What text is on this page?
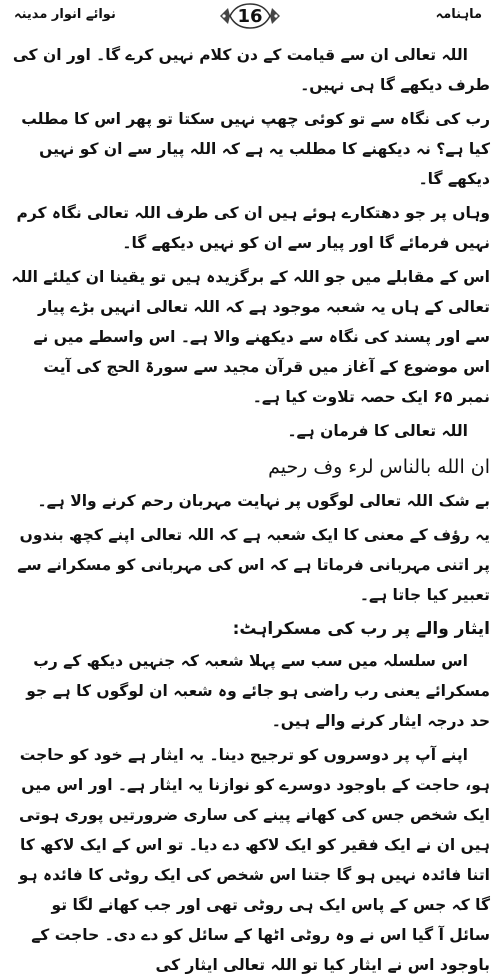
نوائے انوار مدینہ	16	ماہنامہ

اللہ تعالی ان سے قیامت کے دن کلام نہیں کرے گا۔ اور ان کی طرف دیکھے گا ہی نہیں۔

رب کی نگاہ سے تو کوئی چھپ نہیں سکتا تو پھر اس کا مطلب کیا ہے؟ نہ دیکھنے کا مطلب یہ ہے کہ اللہ پیار سے ان کو نہیں دیکھے گا۔

وہاں پر جو دھتکارے ہوئے ہیں ان کی طرف اللہ تعالی نگاہ کرم نہیں فرمائے گا اور پیار سے ان کو نہیں دیکھے گا۔

اس کے مقابلے میں جو اللہ کے برگزیدہ ہیں تو یقینا ان کیلئے اللہ تعالی کے ہاں یہ شعبہ موجود ہے کہ اللہ تعالی انہیں بڑے پیار سے اور پسند کی نگاہ سے دیکھنے والا ہے۔ اس واسطے میں نے اس موضوع کے آغاز میں قرآن مجید سے سورۃ الحج کی آیت نمبر ۶۵ ایک حصہ تلاوت کیا ہے۔

اللہ تعالی کا فرمان ہے۔

ان الله بالناس لرء وف رحيم

بے شک اللہ تعالی لوگوں پر نہایت مہربان رحم کرنے والا ہے۔

یہ رؤف کے معنی کا ایک شعبہ ہے کہ اللہ تعالی اپنے کچھ بندوں پر اتنی مہربانی فرماتا ہے کہ اس کی مہربانی کو مسکرانے سے تعبیر کیا جاتا ہے۔

ایثار والے پر رب کی مسکراہٹ:

اس سلسلہ میں سب سے پہلا شعبہ کہ جنہیں دیکھ کے رب مسکرائے یعنی رب راضی ہو جائے وہ شعبہ ان لوگوں کا ہے جو حد درجہ ایثار کرنے والے ہیں۔

اپنے آپ پر دوسروں کو ترجیح دینا۔ یہ ایثار ہے خود کو حاجت ہو، حاجت کے باوجود دوسرے کو نوازنا یہ ایثار ہے۔ اور اس میں ایک شخص جس کی کھانے پینے کی ساری ضرورتیں پوری ہوتی ہیں ان نے ایک فقیر کو ایک لاکھ دے دیا۔ تو اس کے ایک لاکھ کا اتنا فائدہ نہیں ہو گا جتنا اس شخص کی ایک روٹی کا فائدہ ہو گا کہ جس کے پاس ایک ہی روٹی تھی اور جب کھانے لگا تو سائل آ گیا اس نے وہ روٹی اٹھا کے سائل کو دے دی۔ حاجت کے باوجود اس نے ایثار کیا تو اللہ تعالی ایثار کی
